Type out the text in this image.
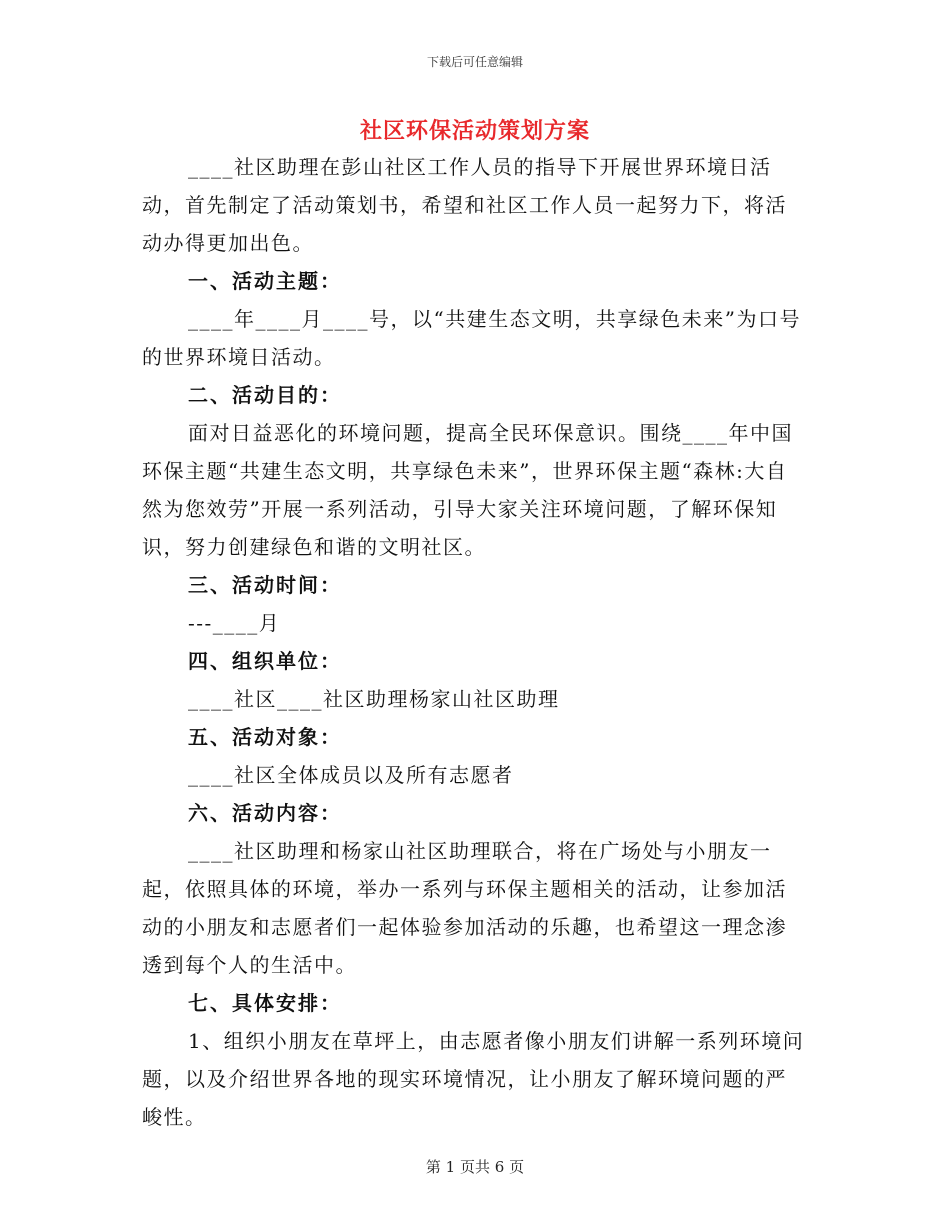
下载后可任意编辑
社区环保活动策划方案

____社区助理在彭山社区工作人员的指导下开展世界环境日活动，首先制定了活动策划书，希望和社区工作人员一起努力下，将活动办得更加出色。

一、活动主题：

____年____月____号，以“共建生态文明，共享绿色未来”为口号的世界环境日活动。

二、活动目的：

面对日益恶化的环境问题，提高全民环保意识。围绕____年中国环保主题“共建生态文明，共享绿色未来”，世界环保主题“森林:大自然为您效劳”开展一系列活动，引导大家关注环境问题，了解环保知识，努力创建绿色和谐的文明社区。

三、活动时间：

---____月

四、组织单位：

____社区____社区助理杨家山社区助理

五、活动对象：

____社区全体成员以及所有志愿者

六、活动内容：

____社区助理和杨家山社区助理联合，将在广场处与小朋友一起，依照具体的环境，举办一系列与环保主题相关的活动，让参加活动的小朋友和志愿者们一起体验参加活动的乐趣，也希望这一理念渗透到每个人的生活中。

七、具体安排：

1、组织小朋友在草坪上，由志愿者像小朋友们讲解一系列环境问题，以及介绍世界各地的现实环境情况，让小朋友了解环境问题的严峻性。

第 1 页共 6 页
